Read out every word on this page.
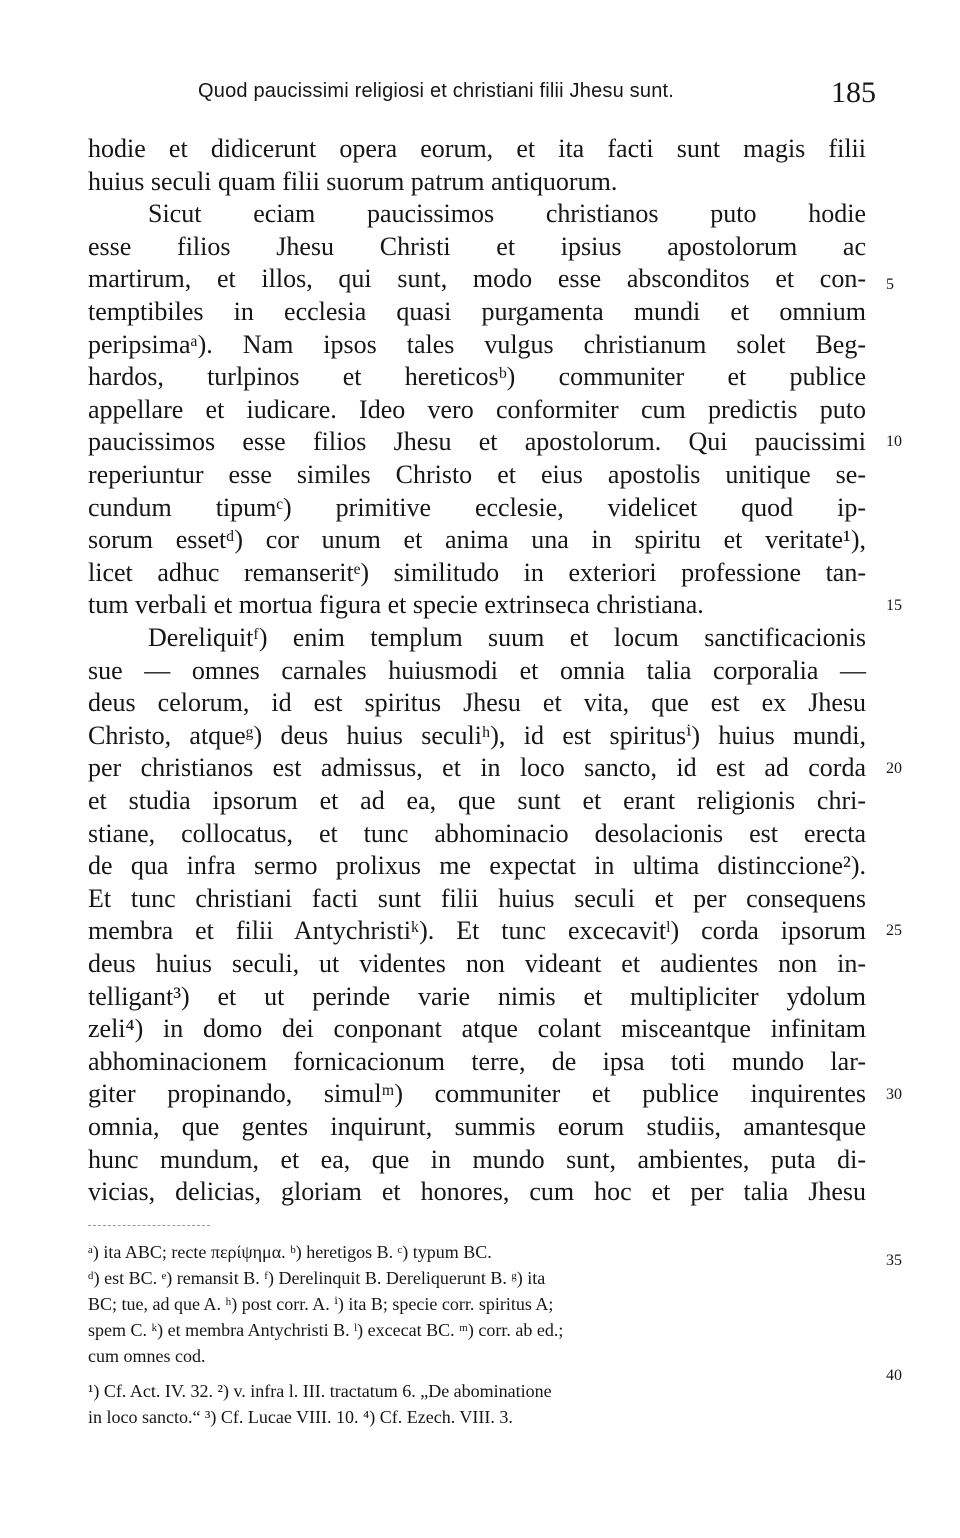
Quod paucissimi religiosi et christiani filii Jhesu sunt.	185
hodie et didicerunt opera eorum, et ita facti sunt magis filii
huius seculi quam filii suorum patrum antiquorum.
Sicut eciam paucissimos christianos puto hodie
esse filios Jhesu Christi et ipsius apostolorum ac
martirum, et illos, qui sunt, modo esse absconditos et con-
temptibiles in ecclesia quasi purgamenta mundi et omnium
peripsimaᵃ). Nam ipsos tales vulgus christianum solet Beg-
hardos, turlpinos et hereticosᵇ) communiter et publice
appellare et iudicare. Ideo vero conformiter cum predictis puto
paucissimos esse filios Jhesu et apostolorum. Qui paucissimi
reperiuntur esse similes Christo et eius apostolis unitique se-
cundum tipumᶜ) primitive ecclesie, videlicet quod ip-
sorum essetᵈ) cor unum et anima una in spiritu et veritate¹),
licet adhuc remanseritᵉ) similitudo in exteriori professione tan-
tum verbali et mortua figura et specie extrinseca christiana.
Dereliquitᶠ) enim templum suum et locum sanctificacionis
sue — omnes carnales huiusmodi et omnia talia corporalia —
deus celorum, id est spiritus Jhesu et vita, que est ex Jhesu
Christo, atqueᵍ) deus huius seculiʰ), id est spiritusⁱ) huius mundi,
per christianos est admissus, et in loco sancto, id est ad corda
et studia ipsorum et ad ea, que sunt et erant religionis chri-
stiane, collocatus, et tunc abhominacio desolacionis est erecta
de qua infra sermo prolixus me expectat in ultima distinccione²).
Et tunc christiani facti sunt filii huius seculi et per consequens
membra et filii Antychristiᵏ). Et tunc excecavitˡ) corda ipsorum
deus huius seculi, ut videntes non videant et audientes non in-
telligant³) et ut perinde varie nimis et multipliciter ydolum
zeli⁴) in domo dei conponant atque colant misceantque infinitam
abhominacionem fornicacionum terre, de ipsa toti mundo lar-
giter propinando, simulᵐ) communiter et publice inquirentes
omnia, que gentes inquirunt, summis eorum studiis, amantesque
hunc mundum, et ea, que in mundo sunt, ambientes, puta di-
vicias, delicias, gloriam et honores, cum hoc et per talia Jhesu
5
10
15
20
25
30
35
40
ᵃ) ita ABC; recte περίψημα. ᵇ) heretigos B. ᶜ) typum BC.
ᵈ) est BC. ᵉ) remansit B. ᶠ) Derelinquit B. Dereliquerunt B. ᵍ) ita
BC; tue, ad que A. ʰ) post corr. A. ⁱ) ita B; specie corr. spiritus A;
spem C. ᵏ) et membra Antychristi B. ˡ) excecat BC. ᵐ) corr. ab ed.;
cum omnes cod.
¹) Cf. Act. IV. 32. ²) v. infra l. III. tractatum 6. „De abominatione
in loco sancto.“ ³) Cf. Lucae VIII. 10. ⁴) Cf. Ezech. VIII. 3.
